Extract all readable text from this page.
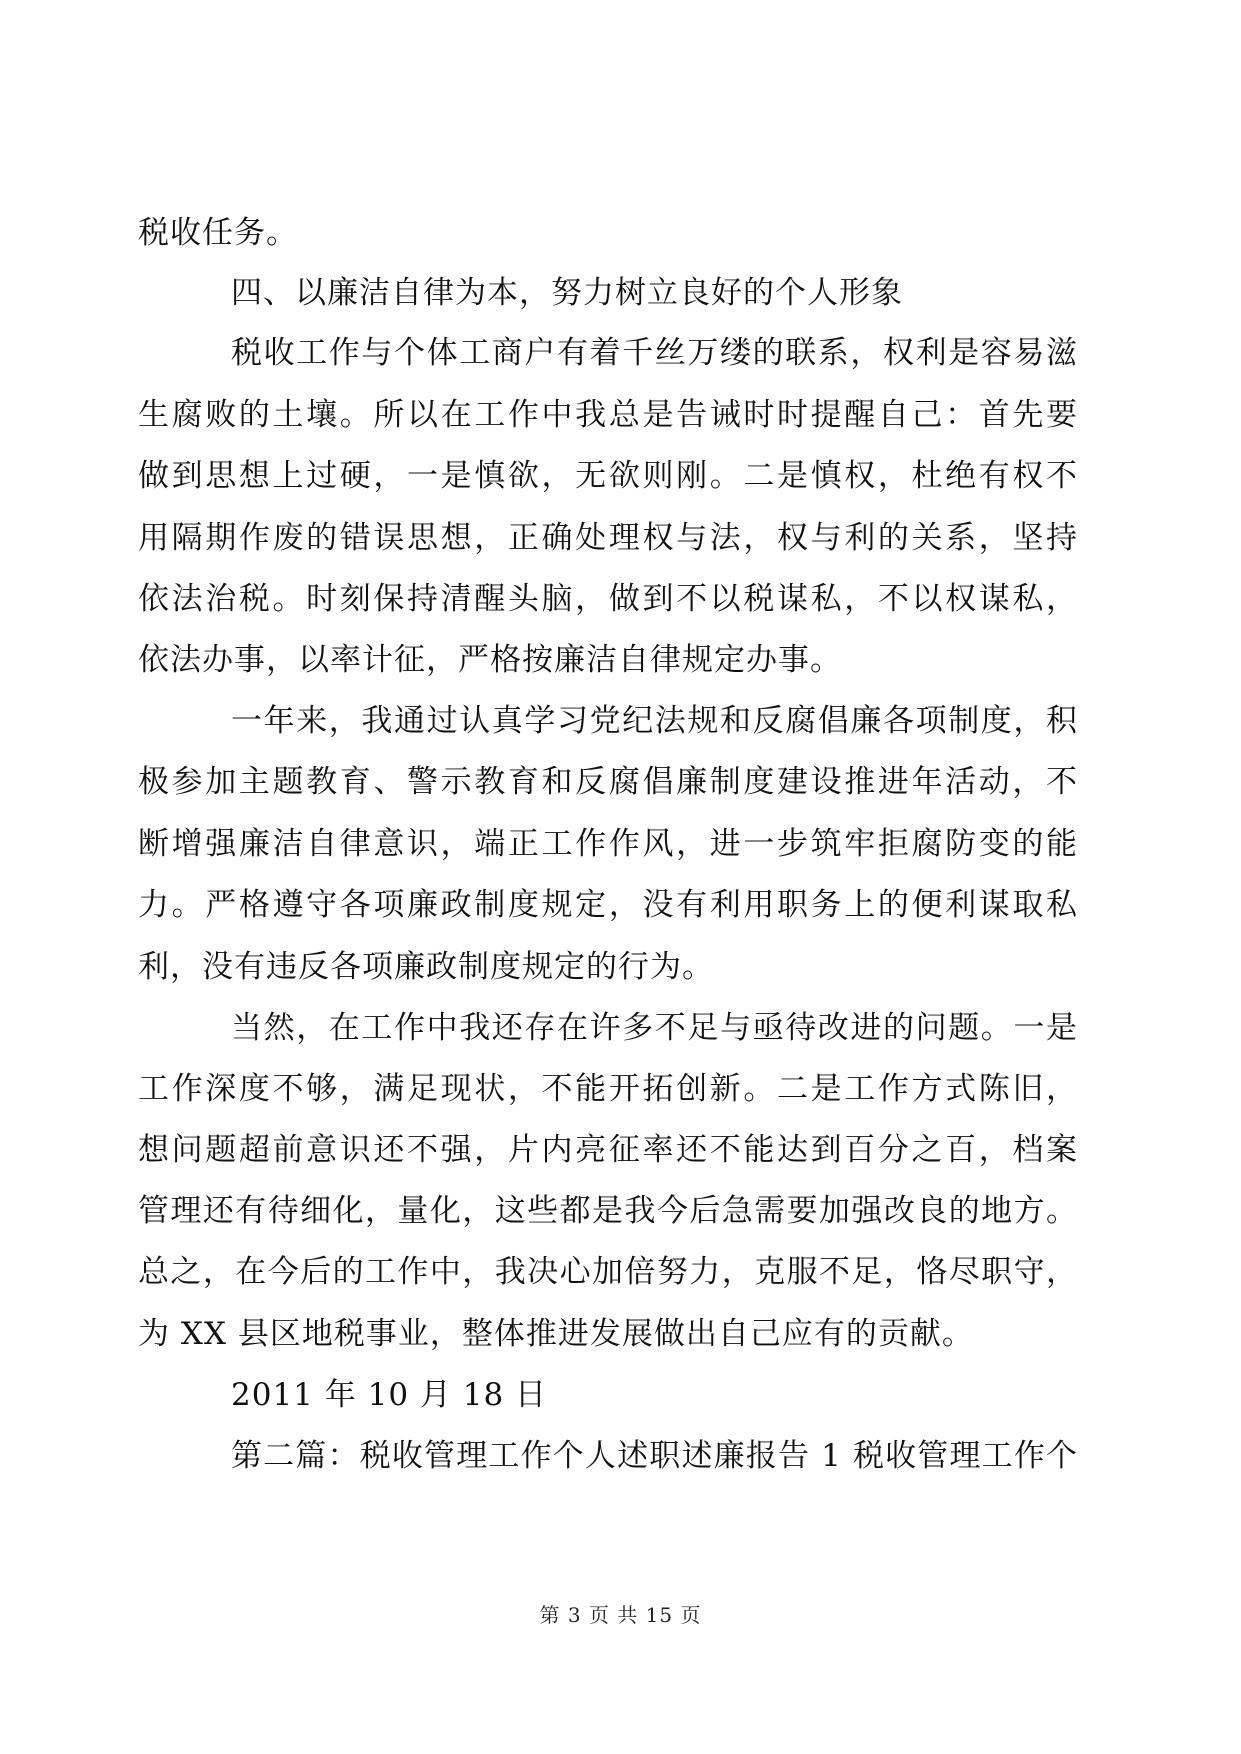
税收任务。
四、以廉洁自律为本，努力树立良好的个人形象
税收工作与个体工商户有着千丝万缕的联系，权利是容易滋
生腐败的土壤。所以在工作中我总是告诫时时提醒自己：首先要
做到思想上过硬，一是慎欲，无欲则刚。二是慎权，杜绝有权不
用隔期作废的错误思想，正确处理权与法，权与利的关系，坚持
依法治税。时刻保持清醒头脑，做到不以税谋私，不以权谋私，
依法办事，以率计征，严格按廉洁自律规定办事。
一年来，我通过认真学习党纪法规和反腐倡廉各项制度，积
极参加主题教育、警示教育和反腐倡廉制度建设推进年活动，不
断增强廉洁自律意识，端正工作作风，进一步筑牢拒腐防变的能
力。严格遵守各项廉政制度规定，没有利用职务上的便利谋取私
利，没有违反各项廉政制度规定的行为。
当然，在工作中我还存在许多不足与亟待改进的问题。一是
工作深度不够，满足现状，不能开拓创新。二是工作方式陈旧，
想问题超前意识还不强，片内亮征率还不能达到百分之百，档案
管理还有待细化，量化，这些都是我今后急需要加强改良的地方。
总之，在今后的工作中，我决心加倍努力，克服不足，恪尽职守，
为 XX 县区地税事业，整体推进发展做出自己应有的贡献。
2011 年 10 月 18 日
第二篇：税收管理工作个人述职述廉报告 1 税收管理工作个
第 3 页 共 15 页
